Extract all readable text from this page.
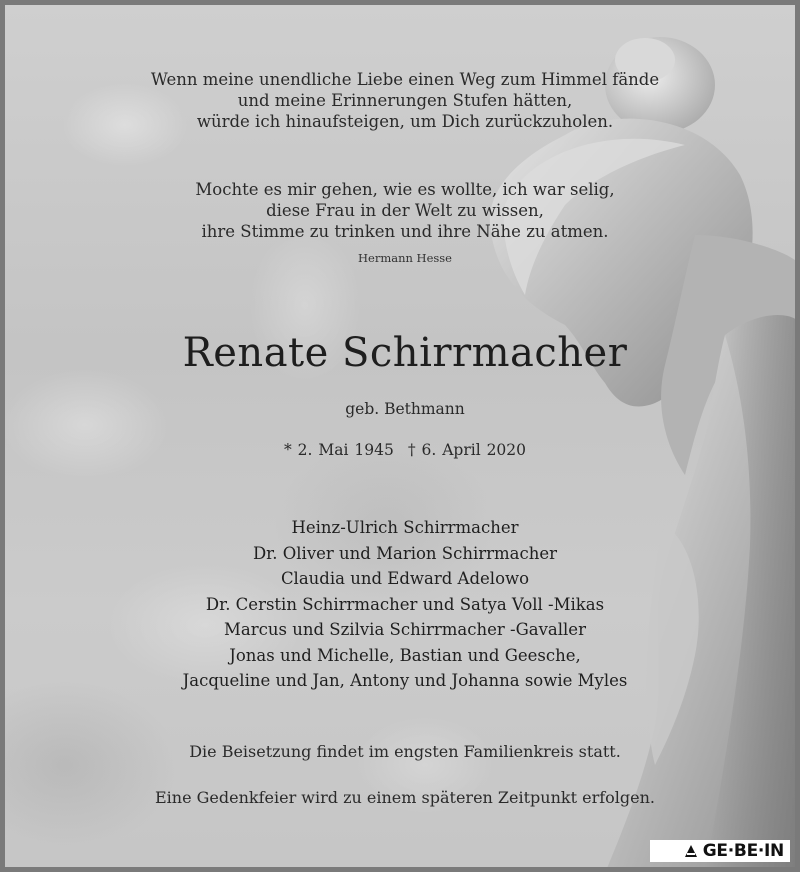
Wenn meine unendliche Liebe einen Weg zum Himmel fände
und meine Erinnerungen Stufen hätten,
würde ich hinaufsteigen, um Dich zurückzuholen.
Mochte es mir gehen, wie es wollte, ich war selig,
diese Frau in der Welt zu wissen,
ihre Stimme zu trinken und ihre Nähe zu atmen.
Hermann Hesse
Renate Schirrmacher
geb. Bethmann
* 2. Mai 1945 † 6. April 2020
Heinz-Ulrich Schirrmacher
Dr. Oliver und Marion Schirrmacher
Claudia und Edward Adelowo
Dr. Cerstin Schirrmacher und Satya Voll -Mikas
Marcus und Szilvia Schirrmacher -Gavaller
Jonas und Michelle, Bastian und Geesche,
Jacqueline und Jan, Antony und Johanna sowie Myles
Die Beisetzung findet im engsten Familienkreis statt.
Eine Gedenkfeier wird zu einem späteren Zeitpunkt erfolgen.
GE·BE·IN
